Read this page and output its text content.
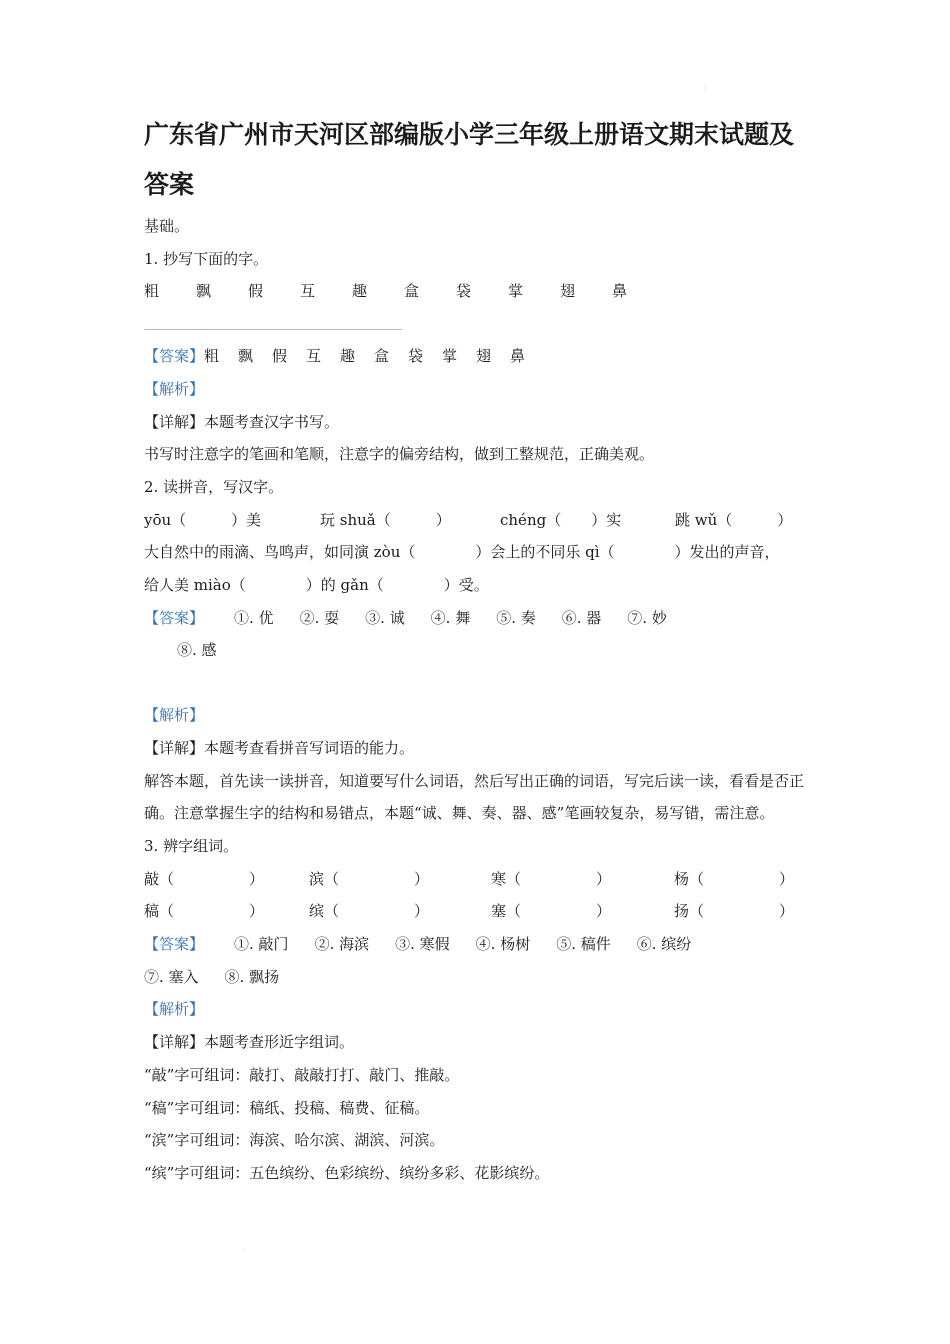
·
广东省广州市天河区部编版小学三年级上册语文期末试题及答案

基础。

1. 抄写下面的字。

粗 飘 假 互 趣 盒 袋 掌 翅 鼻

【答案】粗 飘 假 互 趣 盒 袋 掌 翅 鼻

【解析】

【详解】本题考查汉字书写。

书写时注意字的笔画和笔顺，注意字的偏旁结构，做到工整规范，正确美观。

2. 读拼音，写汉字。

yōu（　　　）美	玩 shuǎ（　　　）	chéng（　　）实	跳 wǔ（　　　）

大自然中的雨滴、鸟鸣声，如同演 zòu（　　　　）会上的不同乐 qì（　　　　）发出的声音，

给人美 miào（　　　　）的 gǎn（　　　　）受。

【答案】 ①. 优 ②. 耍 ③. 诚 ④. 舞 ⑤. 奏 ⑥. 器 ⑦. 妙

⑧. 感

【解析】

【详解】本题考查看拼音写词语的能力。

解答本题，首先读一读拼音，知道要写什么词语，然后写出正确的词语，写完后读一读，看看是否正确。注意掌握生字的结构和易错点，本题“诚、舞、奏、器、感”笔画较复杂，易写错，需注意。

3. 辨字组词。

敲（　　　　　）	滨（　　　　　）	寒（　　　　　）	杨（　　　　　）

稿（　　　　　）	缤（　　　　　）	塞（　　　　　）	扬（　　　　　）

【答案】 ①. 敲门 ②. 海滨 ③. 寒假 ④. 杨树 ⑤. 稿件 ⑥. 缤纷

⑦. 塞入 ⑧. 飘扬

【解析】

【详解】本题考查形近字组词。

“敲”字可组词：敲打、敲敲打打、敲门、推敲。

“稿”字可组词：稿纸、投稿、稿费、征稿。

“滨”字可组词：海滨、哈尔滨、湖滨、河滨。

“缤”字可组词：五色缤纷、色彩缤纷、缤纷多彩、花影缤纷。

·
